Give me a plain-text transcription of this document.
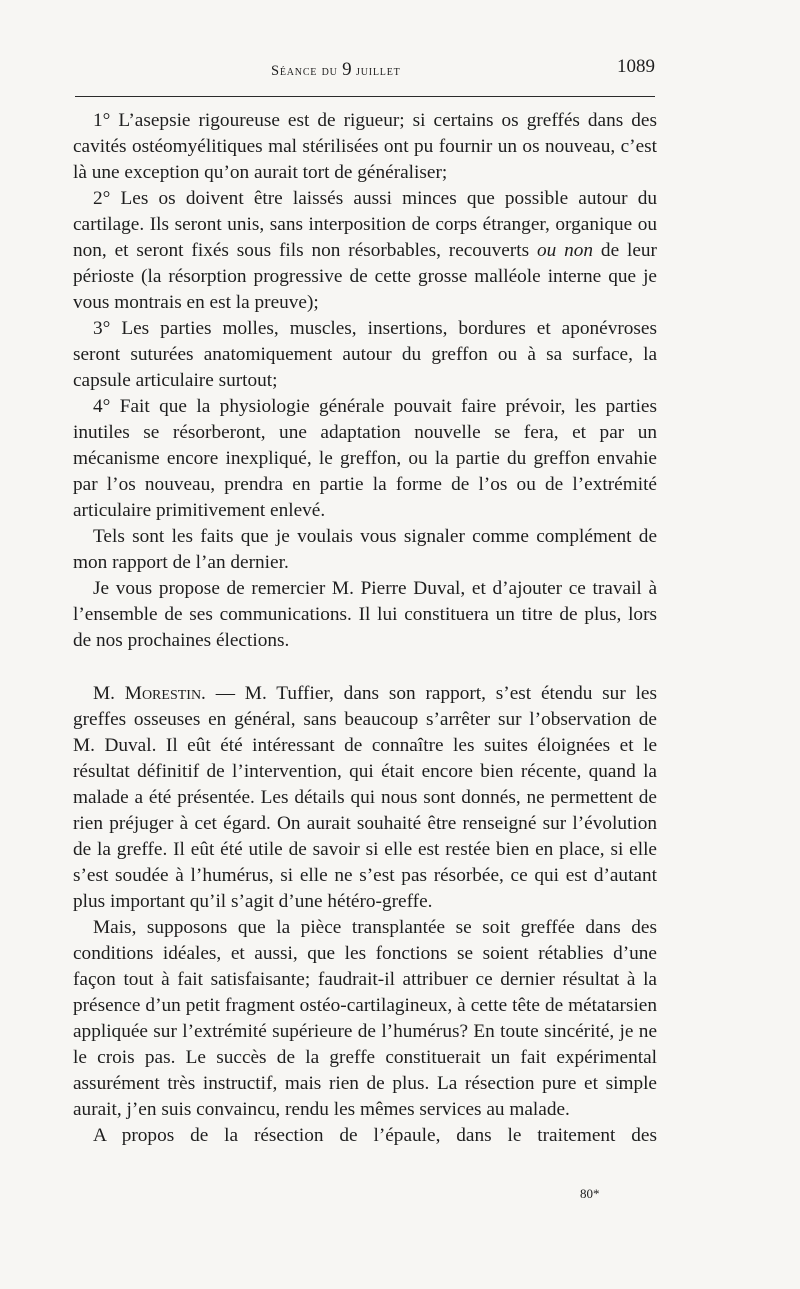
Séance du 9 juillet	1089

1° L’asepsie rigoureuse est de rigueur; si certains os greffés dans des cavités ostéomyélitiques mal stérilisées ont pu fournir un os nouveau, c’est là une exception qu’on aurait tort de généraliser;

2° Les os doivent être laissés aussi minces que possible autour du cartilage. Ils seront unis, sans interposition de corps étranger, organique ou non, et seront fixés sous fils non résorbables, recouverts ou non de leur périoste (la résorption progressive de cette grosse malléole interne que je vous montrais en est la preuve);

3° Les parties molles, muscles, insertions, bordures et aponévroses seront suturées anatomiquement autour du greffon ou à sa surface, la capsule articulaire surtout;

4° Fait que la physiologie générale pouvait faire prévoir, les parties inutiles se résorberont, une adaptation nouvelle se fera, et par un mécanisme encore inexpliqué, le greffon, ou la partie du greffon envahie par l’os nouveau, prendra en partie la forme de l’os ou de l’extrémité articulaire primitivement enlevé.

Tels sont les faits que je voulais vous signaler comme complément de mon rapport de l’an dernier.

Je vous propose de remercier M. Pierre Duval, et d’ajouter ce travail à l’ensemble de ses communications. Il lui constituera un titre de plus, lors de nos prochaines élections.

M. Morestin. — M. Tuffier, dans son rapport, s’est étendu sur les greffes osseuses en général, sans beaucoup s’arrêter sur l’observation de M. Duval. Il eût été intéressant de connaître les suites éloignées et le résultat définitif de l’intervention, qui était encore bien récente, quand la malade a été présentée. Les détails qui nous sont donnés, ne permettent de rien préjuger à cet égard. On aurait souhaité être renseigné sur l’évolution de la greffe. Il eût été utile de savoir si elle est restée bien en place, si elle s’est soudée à l’humérus, si elle ne s’est pas résorbée, ce qui est d’autant plus important qu’il s’agit d’une hétéro-greffe.

Mais, supposons que la pièce transplantée se soit greffée dans des conditions idéales, et aussi, que les fonctions se soient rétablies d’une façon tout à fait satisfaisante; faudrait-il attribuer ce dernier résultat à la présence d’un petit fragment ostéo-cartilagineux, à cette tête de métatarsien appliquée sur l’extrémité supérieure de l’humérus? En toute sincérité, je ne le crois pas. Le succès de la greffe constituerait un fait expérimental assurément très instructif, mais rien de plus. La résection pure et simple aurait, j’en suis convaincu, rendu les mêmes services au malade.

A propos de la résection de l’épaule, dans le traitement des

80*
